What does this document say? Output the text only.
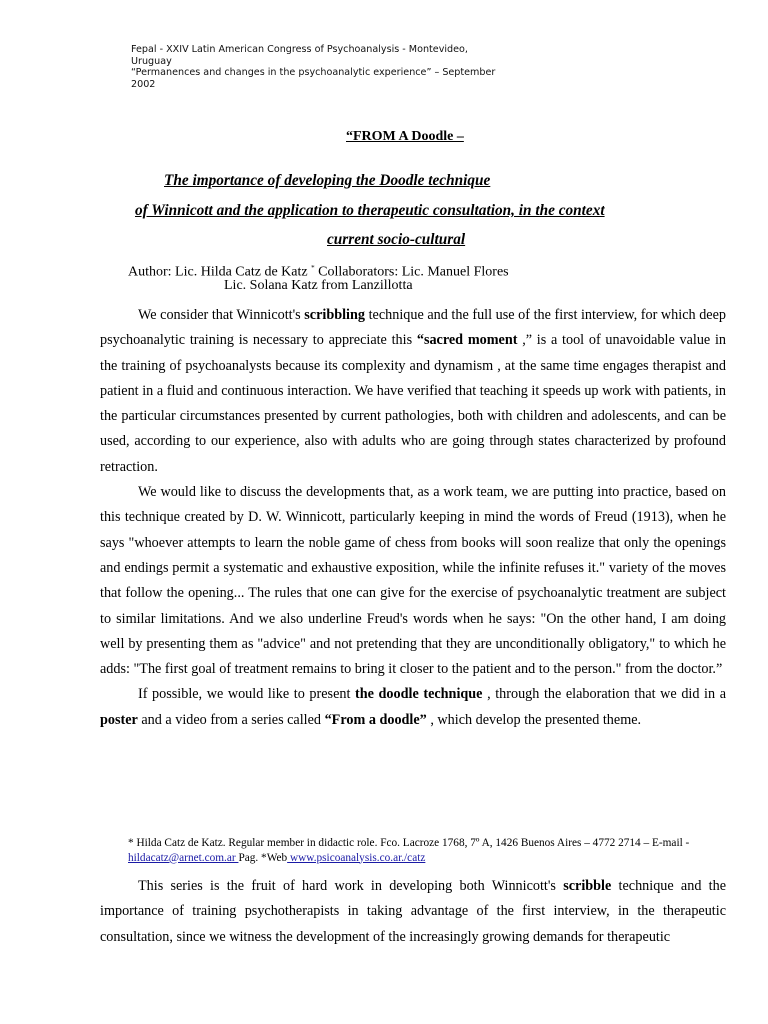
Fepal - XXIV Latin American Congress of Psychoanalysis - Montevideo,
Uruguay
“Permanences and changes in the psychoanalytic experience” – September
2002
“FROM A Doodle –
The importance of developing the Doodle technique
of Winnicott and the application to therapeutic consultation, in the context
current socio-cultural
Author: Lic. Hilda Catz de Katz * Collaborators: Lic. Manuel Flores
Lic. Solana Katz from Lanzillotta

We consider that Winnicott's scribbling technique and the full use of the first interview, for which deep psychoanalytic training is necessary to appreciate this “sacred moment ,” is a tool of unavoidable value in the training of psychoanalysts because its complexity and dynamism , at the same time engages therapist and patient in a fluid and continuous interaction. We have verified that teaching it speeds up work with patients, in the particular circumstances presented by current pathologies, both with children and adolescents, and can be used, according to our experience, also with adults who are going through states characterized by profound retraction.

We would like to discuss the developments that, as a work team, we are putting into practice, based on this technique created by D. W. Winnicott, particularly keeping in mind the words of Freud (1913), when he says "whoever attempts to learn the noble game of chess from books will soon realize that only the openings and endings permit a systematic and exhaustive exposition, while the infinite refuses it." variety of the moves that follow the opening... The rules that one can give for the exercise of psychoanalytic treatment are subject to similar limitations. And we also underline Freud's words when he says: "On the other hand, I am doing well by presenting them as "advice" and not pretending that they are unconditionally obligatory," to which he adds: "The first goal of treatment remains to bring it closer to the patient and to the person." from the doctor.”

If possible, we would like to present the doodle technique , through the elaboration that we did in a poster and a video from a series called “From a doodle” , which develop the presented theme.

* Hilda Catz de Katz. Regular member in didactic role. Fco. Lacroze 1768, 7º A, 1426 Buenos Aires – 4772 2714 – E-mail - hildacatz@arnet.com.ar Pag. *Web www.psicoanalysis.co.ar./catz

This series is the fruit of hard work in developing both Winnicott's scribble technique and the importance of training psychotherapists in taking advantage of the first interview, in the therapeutic consultation, since we witness the development of the increasingly growing demands for therapeutic
